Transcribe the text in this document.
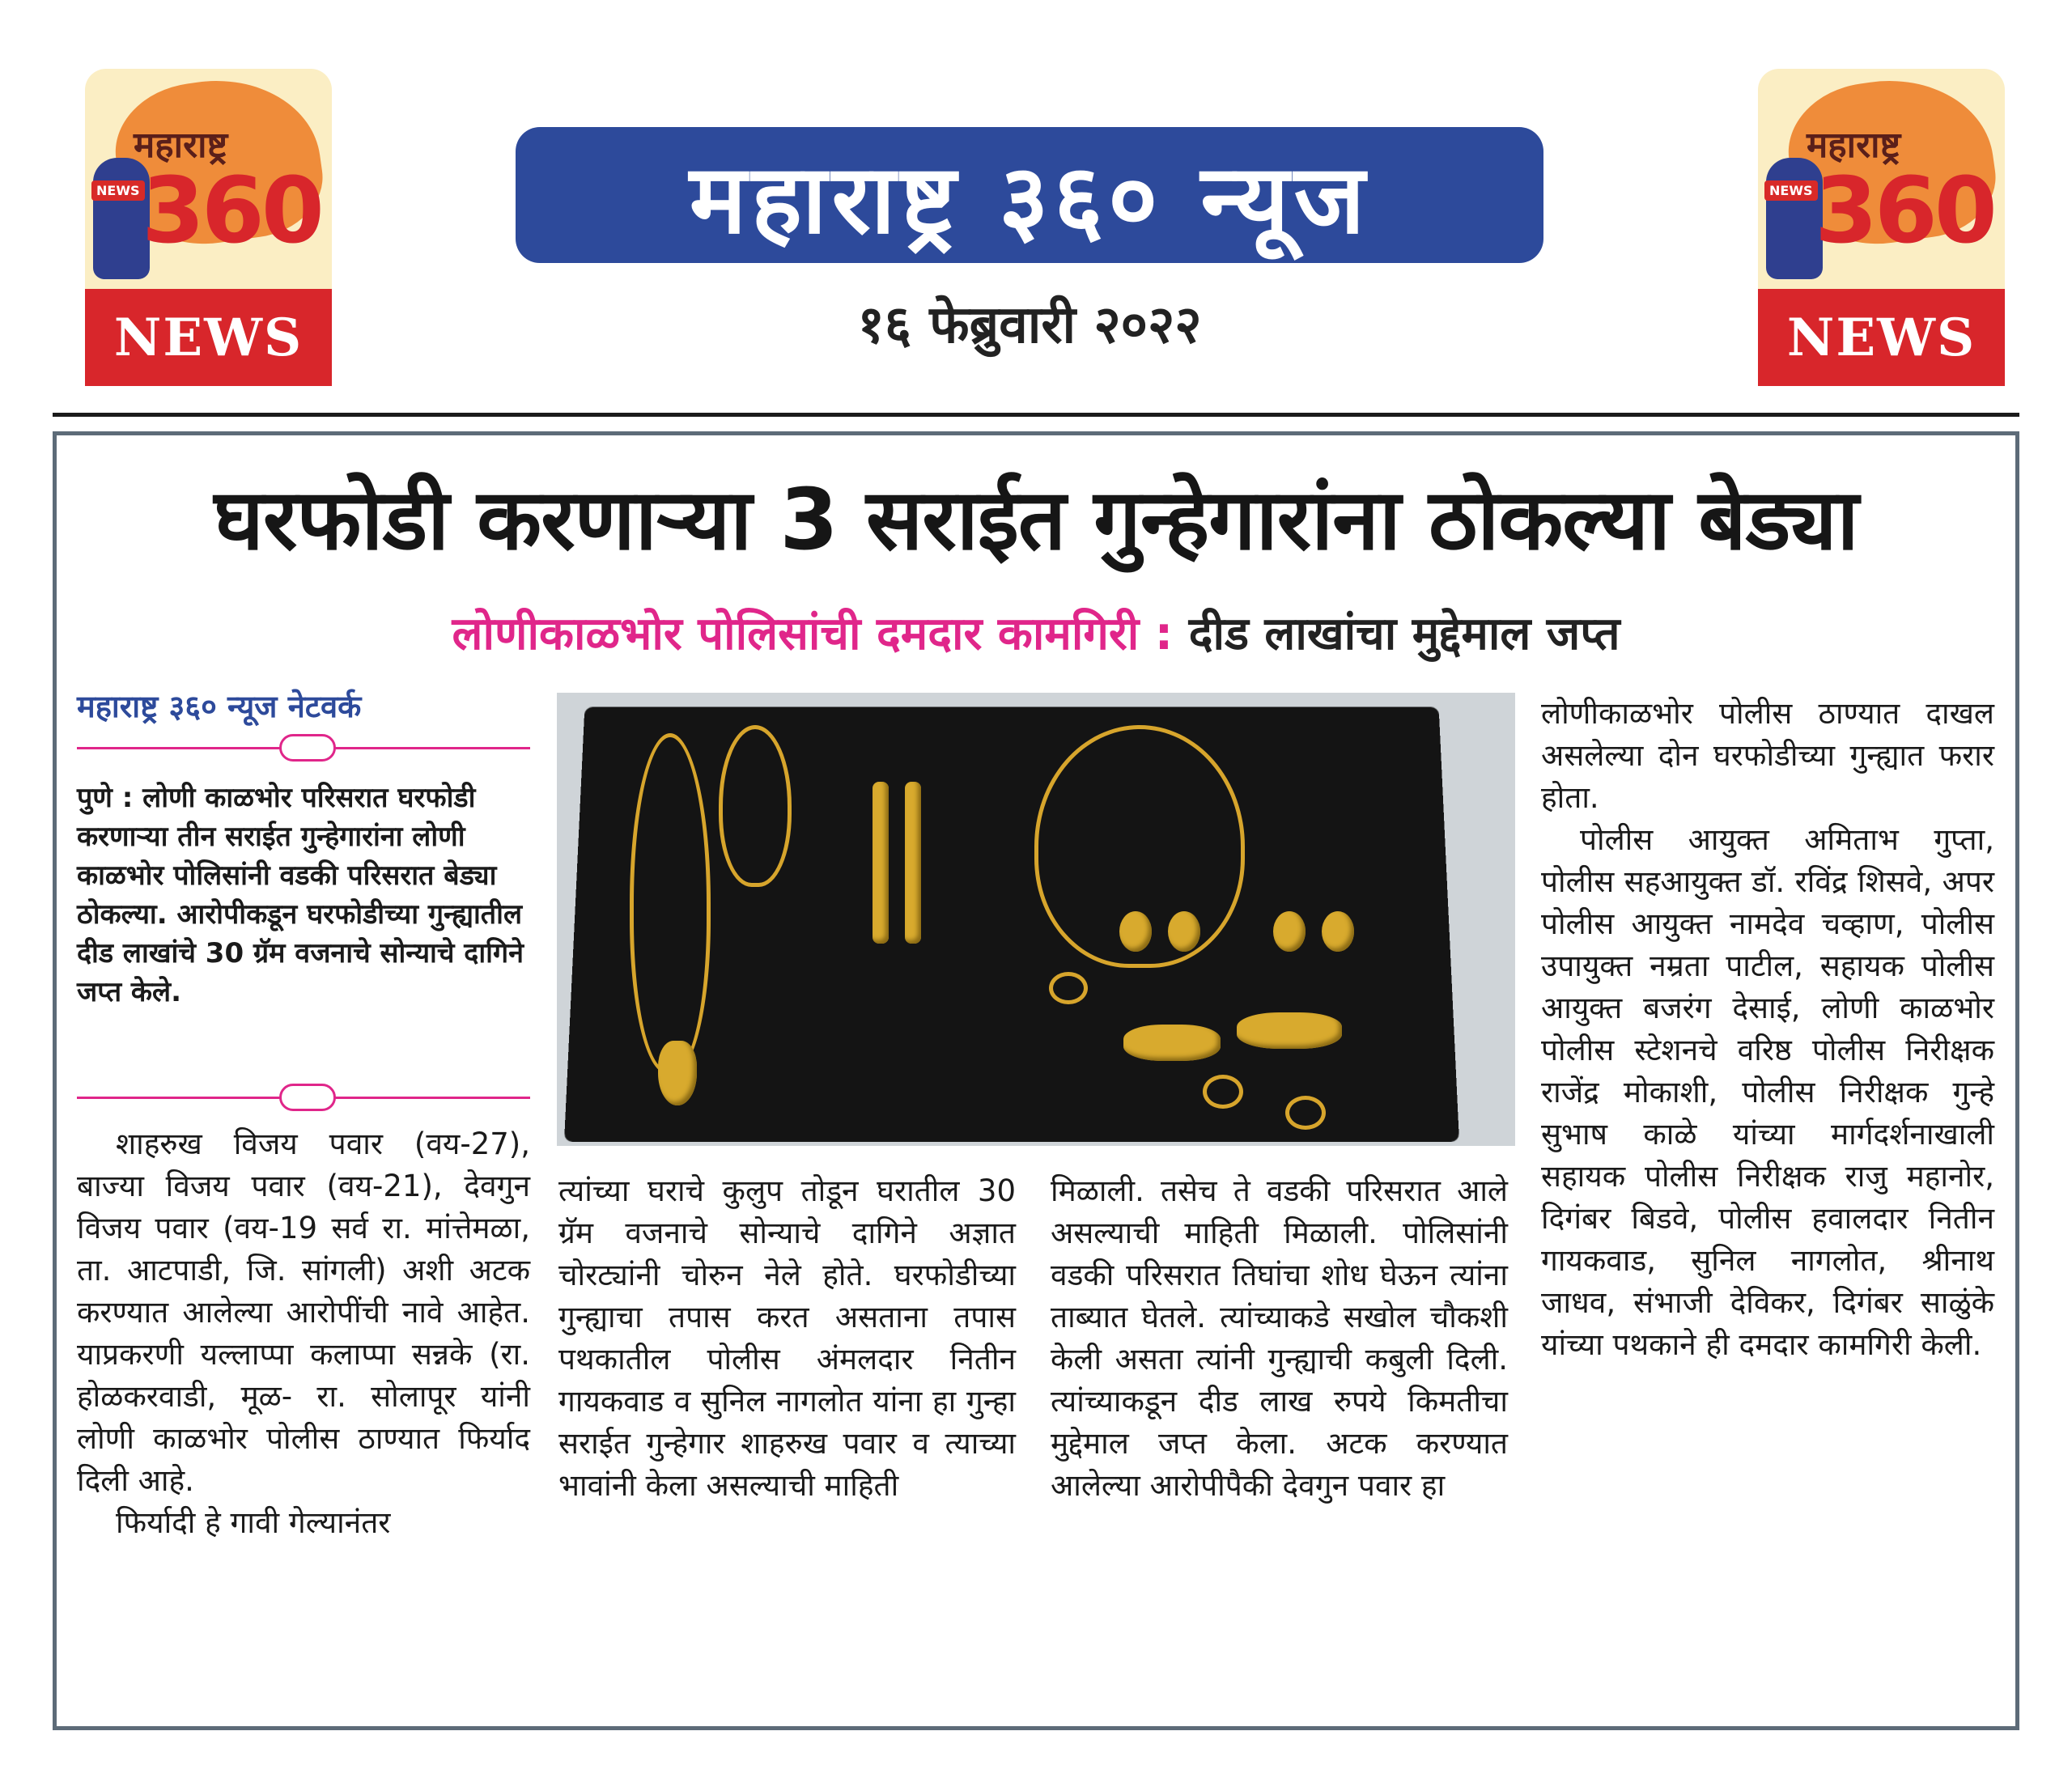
महाराष्ट्र
NEWS 360
NEWS
महाराष्ट्र ३६० न्यूज
१६ फेब्रुवारी २०२२
महाराष्ट्र
NEWS 360
NEWS
घरफोडी करणाऱ्या 3 सराईत गुन्हेगारांना ठोकल्या बेड्या
लोणीकाळभोर पोलिसांची दमदार कामगिरी : दीड लाखांचा मुद्देमाल जप्त
महाराष्ट्र ३६० न्यूज नेटवर्क
पुणे : लोणी काळभोर परिसरात घरफोडी करणाऱ्या तीन सराईत गुन्हेगारांना लोणी काळभोर पोलिसांनी वडकी परिसरात बेड्या ठोकल्या. आरोपीकडून घरफोडीच्या गुन्ह्यातील दीड लाखांचे 30 ग्रॅम वजनाचे सोन्याचे दागिने जप्त केले.

शाहरुख विजय पवार (वय-27), बाज्या विजय पवार (वय-21), देवगुन विजय पवार (वय-19 सर्व रा. मांत्तेमळा, ता. आटपाडी, जि. सांगली) अशी अटक करण्यात आलेल्या आरोपींची नावे आहेत. याप्रकरणी यल्लाप्पा कलाप्पा सन्नके (रा. होळकरवाडी, मूळ- रा. सोलापूर यांनी लोणी काळभोर पोलीस ठाण्यात फिर्याद दिली आहे.

फिर्यादी हे गावी गेल्यानंतर

त्यांच्या घराचे कुलुप तोडून घरातील 30 ग्रॅम वजनाचे सोन्याचे दागिने अज्ञात चोरट्यांनी चोरुन नेले होते. घरफोडीच्या गुन्ह्याचा तपास करत असताना तपास पथकातील पोलीस अंमलदार नितीन गायकवाड व सुनिल नागलोत यांना हा गुन्हा सराईत गुन्हेगार शाहरुख पवार व त्याच्या भावांनी केला असल्याची माहिती
मिळाली. तसेच ते वडकी परिसरात आले असल्याची माहिती मिळाली. पोलिसांनी वडकी परिसरात तिघांचा शोध घेऊन त्यांना ताब्यात घेतले. त्यांच्याकडे सखोल चौकशी केली असता त्यांनी गुन्ह्याची कबुली दिली. त्यांच्याकडून दीड लाख रुपये किमतीचा मुद्देमाल जप्त केला. अटक करण्यात आलेल्या आरोपीपैकी देवगुन पवार हा

लोणीकाळभोर पोलीस ठाण्यात दाखल असलेल्या दोन घरफोडीच्या गुन्ह्यात फरार होता.

पोलीस आयुक्त अमिताभ गुप्ता, पोलीस सहआयुक्त डॉ. रविंद्र शिसवे, अपर पोलीस आयुक्त नामदेव चव्हाण, पोलीस उपायुक्त नम्रता पाटील, सहायक पोलीस आयुक्त बजरंग देसाई, लोणी काळभोर पोलीस स्टेशनचे वरिष्ठ पोलीस निरीक्षक राजेंद्र मोकाशी, पोलीस निरीक्षक गुन्हे सुभाष काळे यांच्या मार्गदर्शनाखाली सहायक पोलीस निरीक्षक राजु महानोर, दिगंबर बिडवे, पोलीस हवालदार नितीन गायकवाड, सुनिल नागलोत, श्रीनाथ जाधव, संभाजी देविकर, दिगंबर साळुंके यांच्या पथकाने ही दमदार कामगिरी केली.
